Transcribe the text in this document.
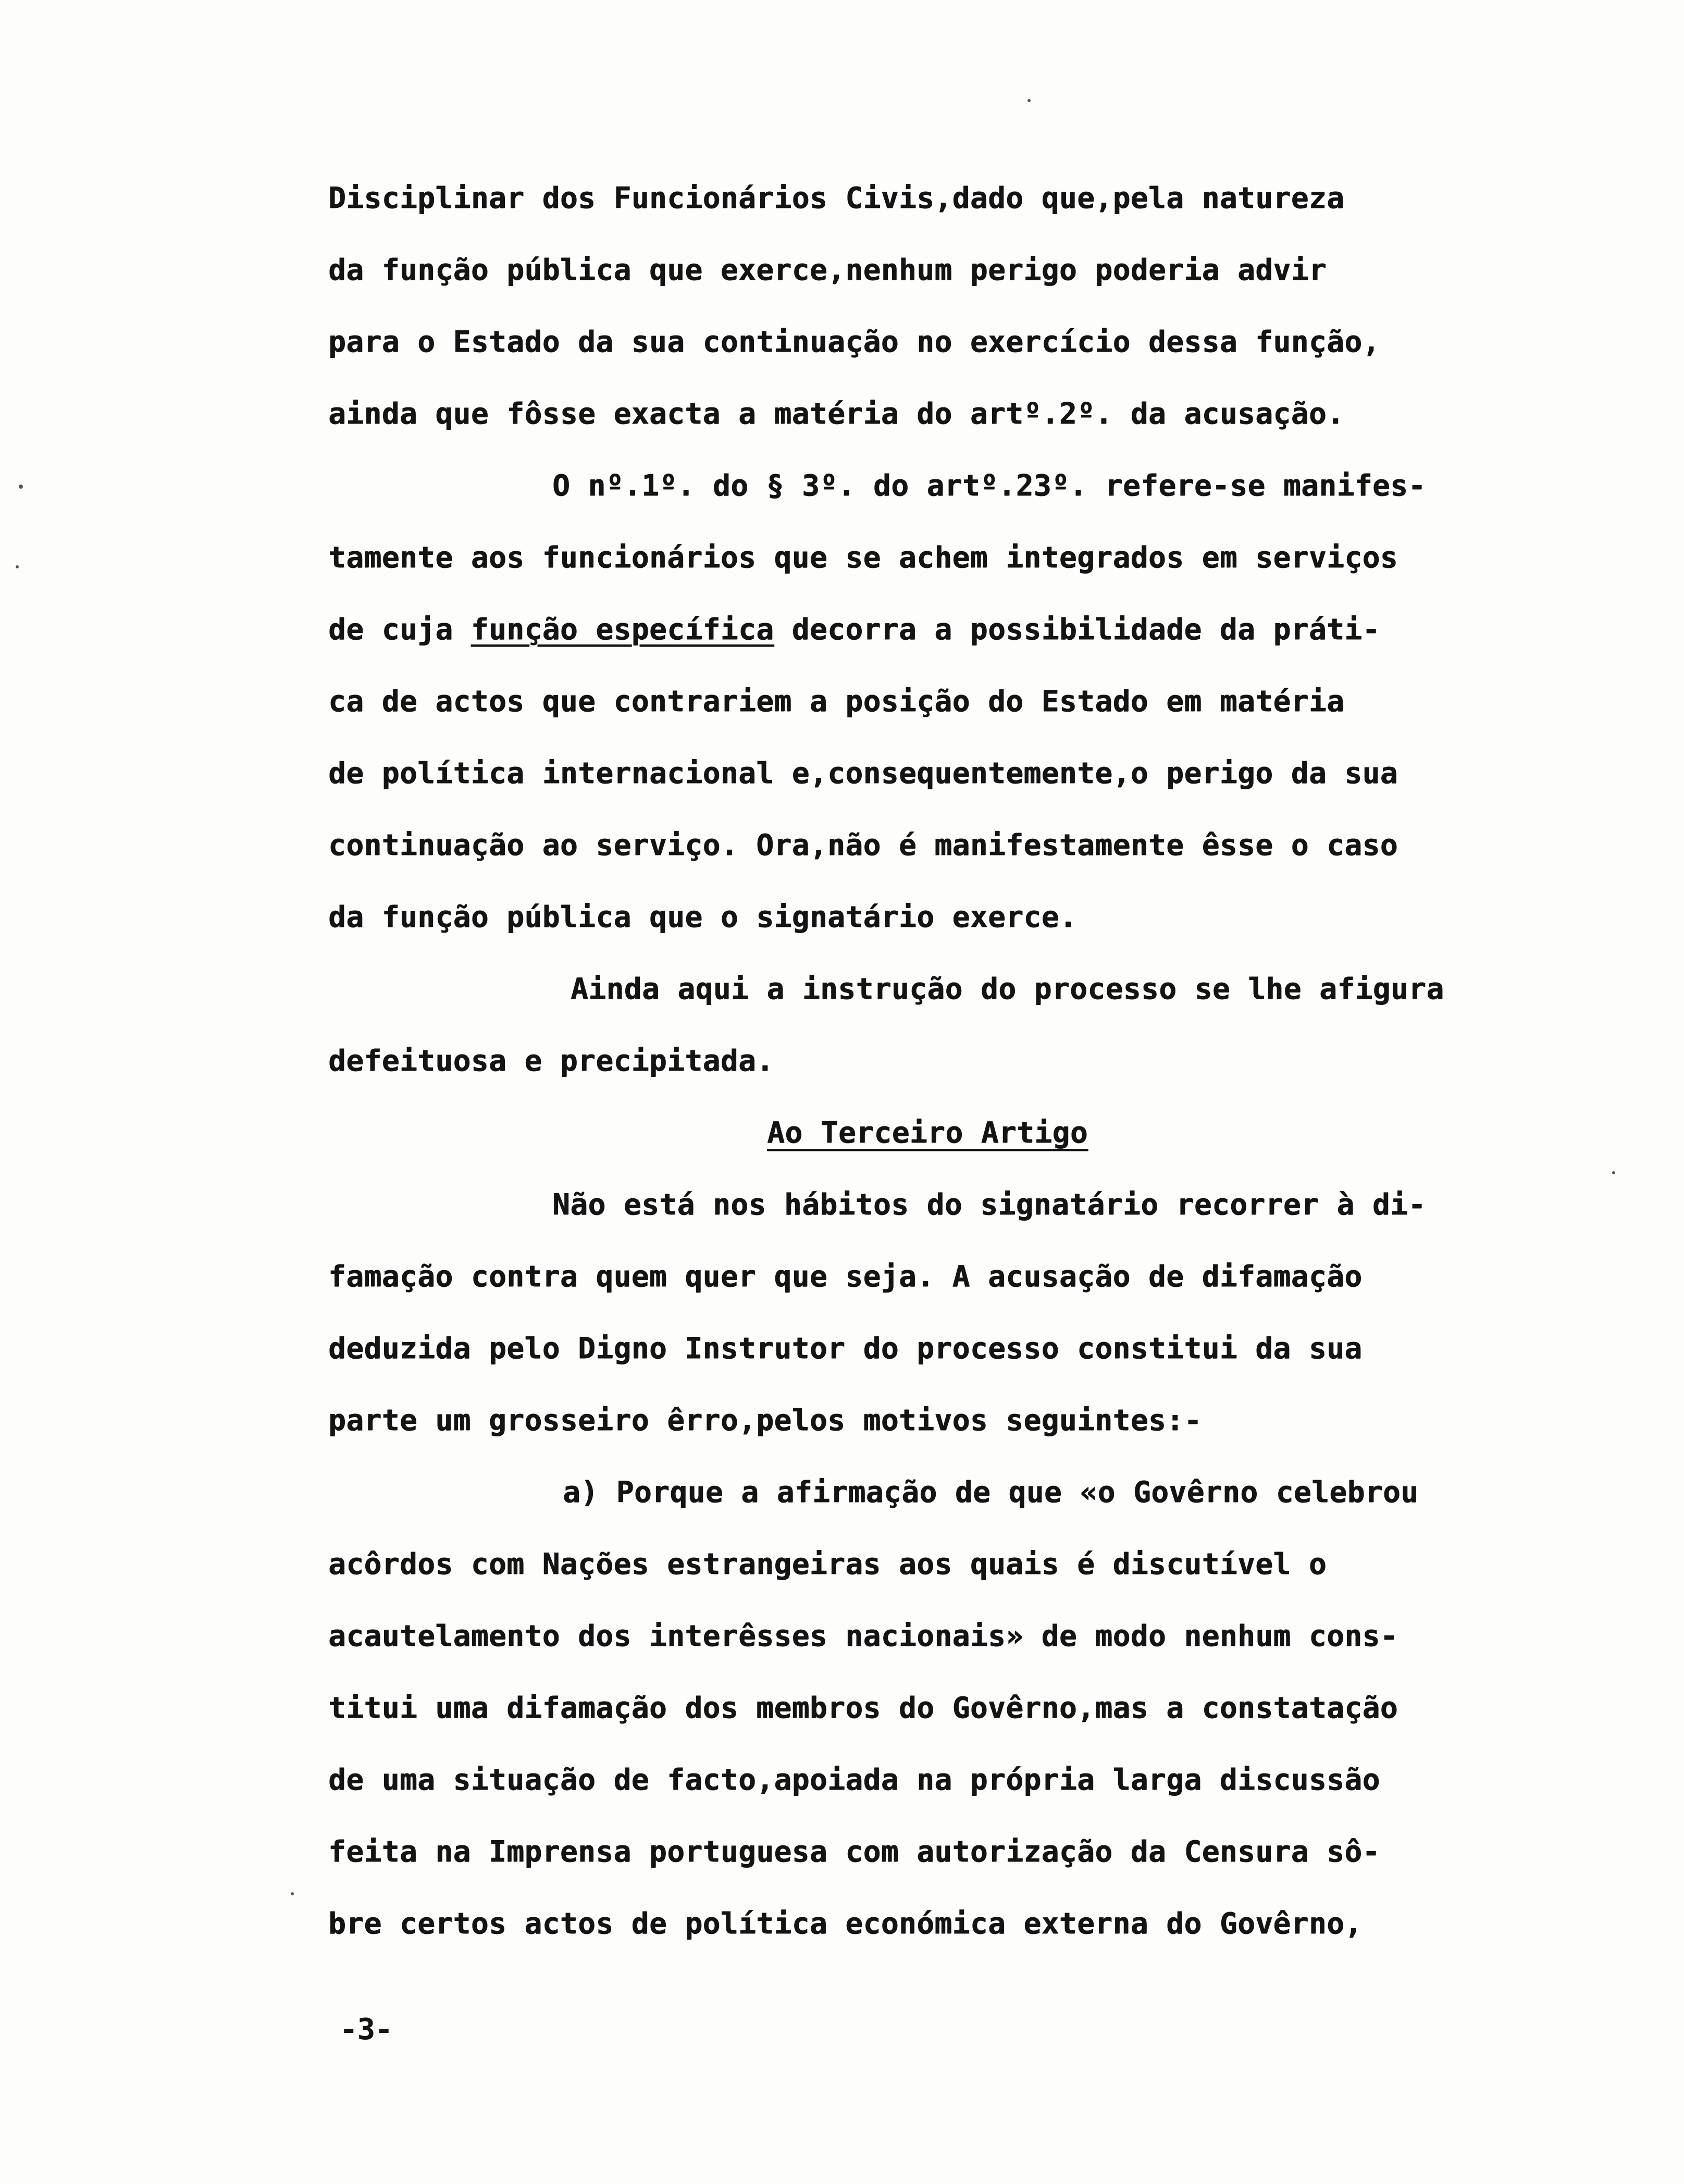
Disciplinar dos Funcionários Civis,dado que,pela natureza
da função pública que exerce,nenhum perigo poderia advir
para o Estado da sua continuação no exercício dessa função,
ainda que fôsse exacta a matéria do artº.2º. da acusação.
O nº.1º. do § 3º. do artº.23º. refere-se manifes-
tamente aos funcionários que se achem integrados em serviços
de cuja função específica decorra a possibilidade da práti-
ca de actos que contrariem a posição do Estado em matéria
de política internacional e,consequentemente,o perigo da sua
continuação ao serviço. Ora,não é manifestamente êsse o caso
da função pública que o signatário exerce.
Ainda aqui a instrução do processo se lhe afigura
defeituosa e precipitada.
Ao Terceiro Artigo
Não está nos hábitos do signatário recorrer à di-
famação contra quem quer que seja. A acusação de difamação
deduzida pelo Digno Instrutor do processo constitui da sua
parte um grosseiro êrro,pelos motivos seguintes:-
a) Porque a afirmação de que «o Govêrno celebrou
acôrdos com Nações estrangeiras aos quais é discutível o
acautelamento dos interêsses nacionais» de modo nenhum cons-
titui uma difamação dos membros do Govêrno,mas a constatação
de uma situação de facto,apoiada na própria larga discussão
feita na Imprensa portuguesa com autorização da Censura sô-
bre certos actos de política económica externa do Govêrno,
-3-
